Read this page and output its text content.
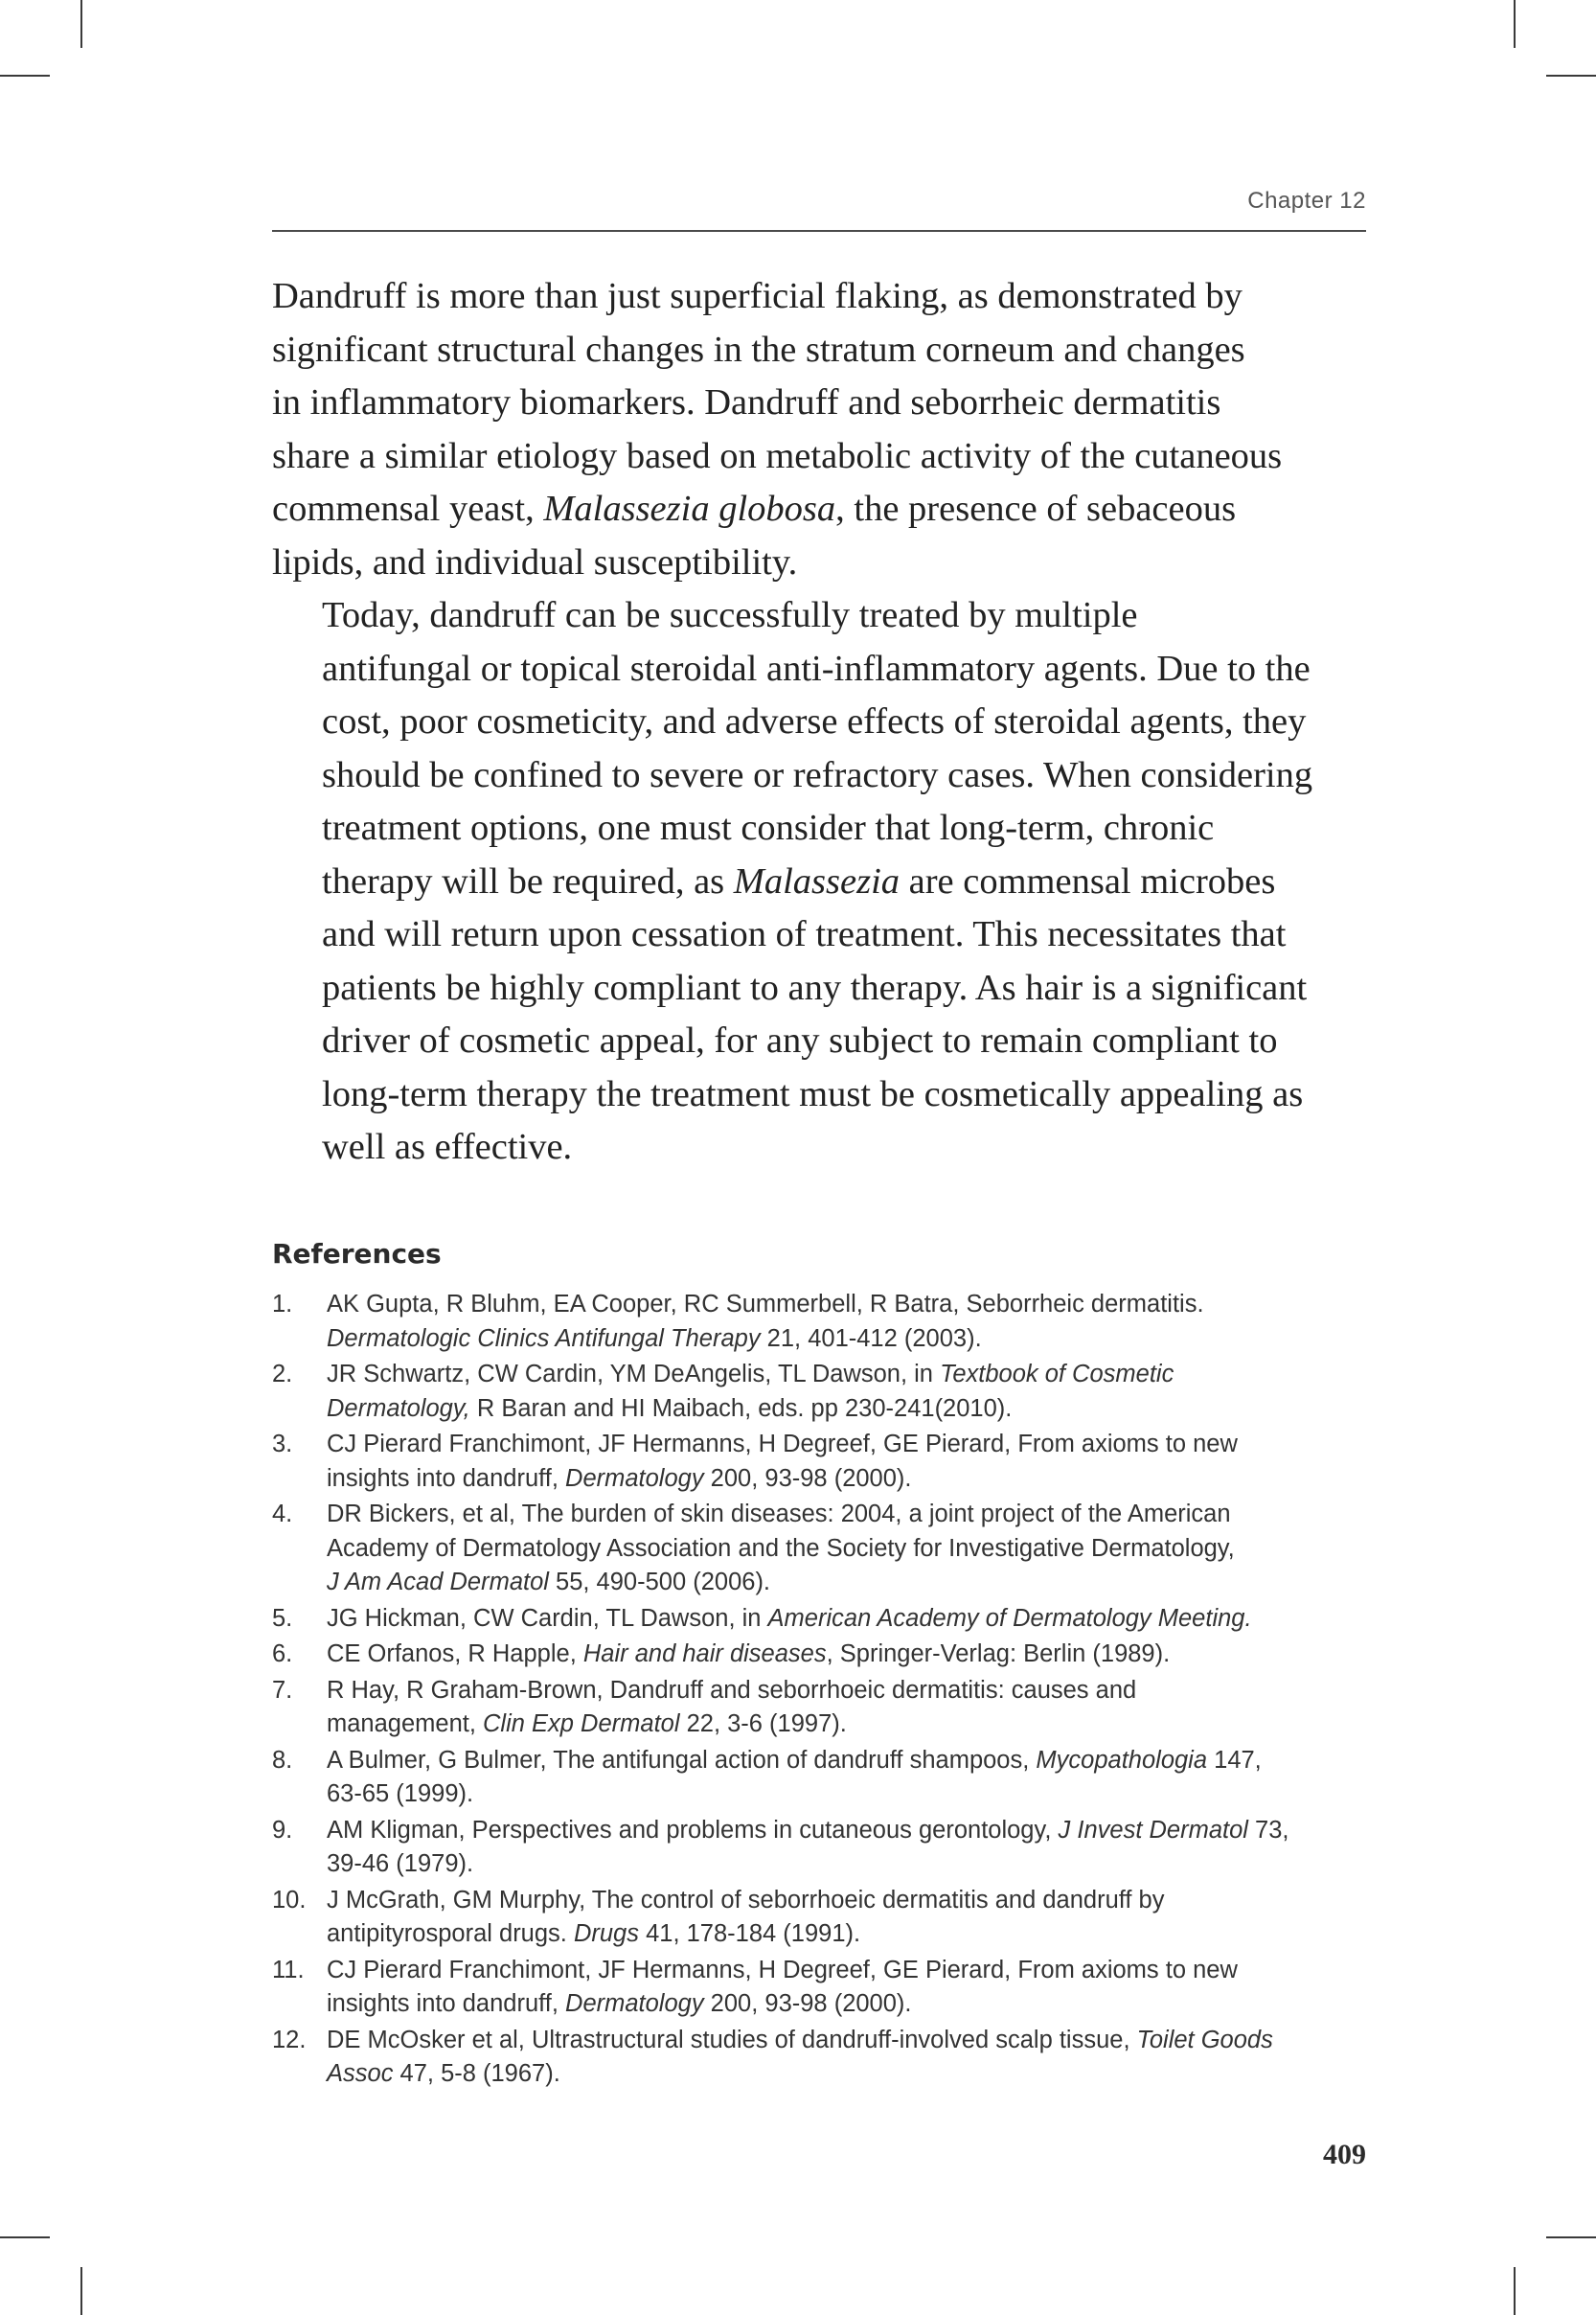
Chapter 12

Dandruff is more than just superficial flaking, as demonstrated by
significant structural changes in the stratum corneum and changes
in inflammatory biomarkers. Dandruff and seborrheic dermatitis
share a similar etiology based on metabolic activity of the cutaneous
commensal yeast, Malassezia globosa, the presence of sebaceous
lipids, and individual susceptibility.

Today, dandruff can be successfully treated by multiple
antifungal or topical steroidal anti-inflammatory agents. Due to the
cost, poor cosmeticity, and adverse effects of steroidal agents, they
should be confined to severe or refractory cases. When considering
treatment options, one must consider that long-term, chronic
therapy will be required, as Malassezia are commensal microbes
and will return upon cessation of treatment. This necessitates that
patients be highly compliant to any therapy. As hair is a significant
driver of cosmetic appeal, for any subject to remain compliant to
long-term therapy the treatment must be cosmetically appealing as
well as effective.

References
1. AK Gupta, R Bluhm, EA Cooper, RC Summerbell, R Batra, Seborrheic dermatitis.
Dermatologic Clinics Antifungal Therapy 21, 401-412 (2003).
2. JR Schwartz, CW Cardin, YM DeAngelis, TL Dawson, in Textbook of Cosmetic
Dermatology, R Baran and HI Maibach, eds. pp 230-241(2010).
3. CJ Pierard Franchimont, JF Hermanns, H Degreef, GE Pierard, From axioms to new
insights into dandruff, Dermatology 200, 93-98 (2000).
4. DR Bickers, et al, The burden of skin diseases: 2004, a joint project of the American
Academy of Dermatology Association and the Society for Investigative Dermatology,
J Am Acad Dermatol 55, 490-500 (2006).
5. JG Hickman, CW Cardin, TL Dawson, in American Academy of Dermatology Meeting.
6. CE Orfanos, R Happle, Hair and hair diseases, Springer-Verlag: Berlin (1989).
7. R Hay, R Graham-Brown, Dandruff and seborrhoeic dermatitis: causes and
management, Clin Exp Dermatol 22, 3-6 (1997).
8. A Bulmer, G Bulmer, The antifungal action of dandruff shampoos, Mycopathologia 147,
63-65 (1999).
9. AM Kligman, Perspectives and problems in cutaneous gerontology, J Invest Dermatol 73,
39-46 (1979).
10. J McGrath, GM Murphy, The control of seborrhoeic dermatitis and dandruff by
antipityrosporal drugs. Drugs 41, 178-184 (1991).
11. CJ Pierard Franchimont, JF Hermanns, H Degreef, GE Pierard, From axioms to new
insights into dandruff, Dermatology 200, 93-98 (2000).
12. DE McOsker et al, Ultrastructural studies of dandruff-involved scalp tissue, Toilet Goods
Assoc 47, 5-8 (1967).
409
